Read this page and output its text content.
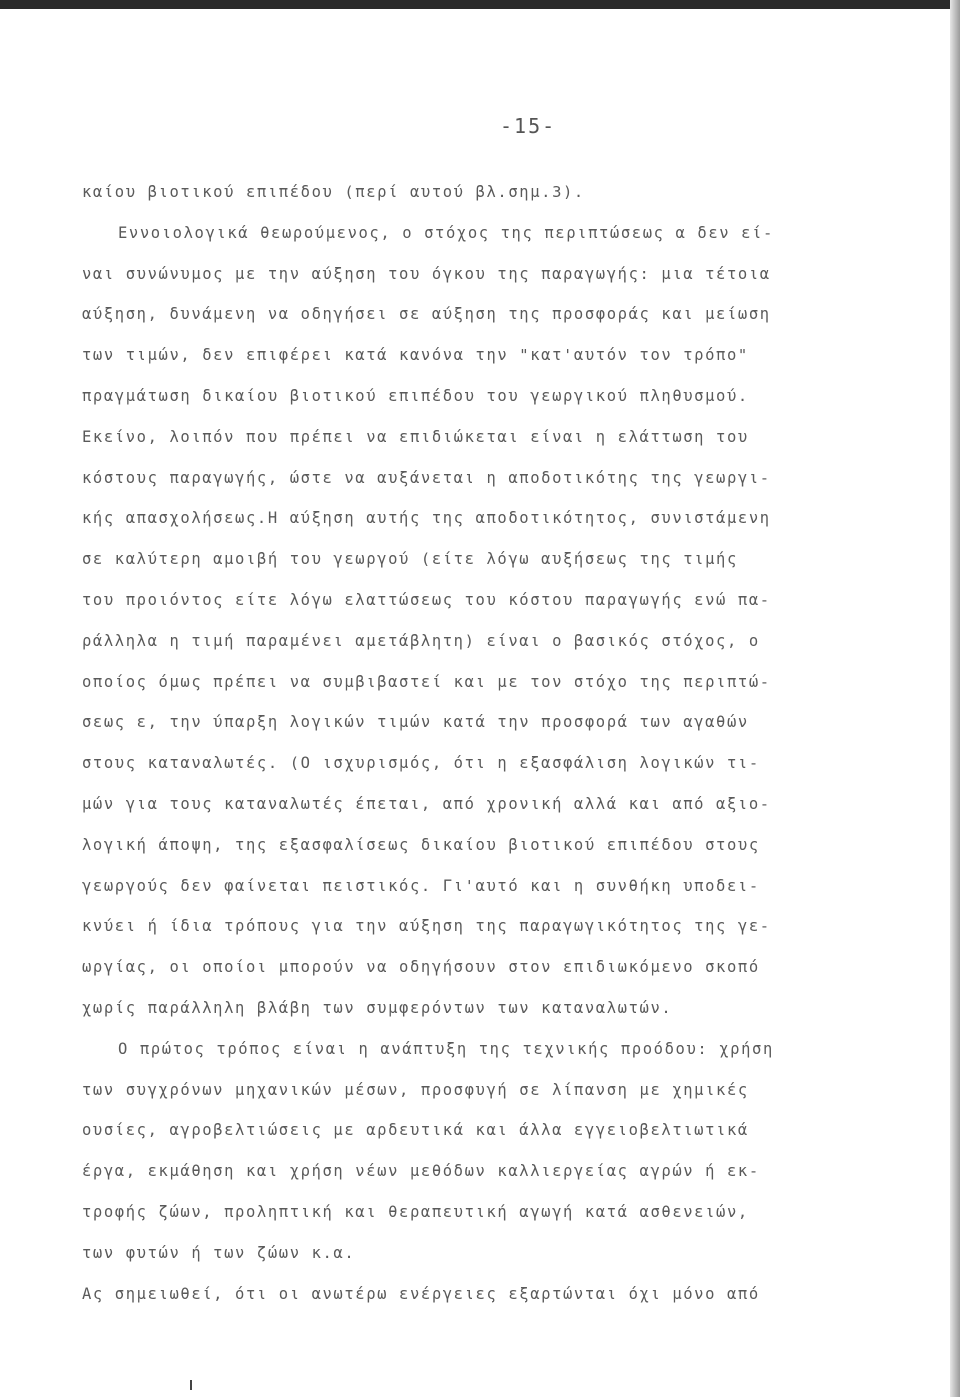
-15-
καίου βιοτικού επιπέδου (περί αυτού βλ.σημ.3).
Εννοιολογικά θεωρούμενος, ο στόχος της περιπτώσεως α δεν εί-
ναι συνώνυμος με την αύξηση του όγκου της παραγωγής: μια τέτοια
αύξηση, δυνάμενη να οδηγήσει σε αύξηση της προσφοράς και μείωση
των τιμών, δεν επιφέρει κατά κανόνα την "κατ'αυτόν τον τρόπο"
πραγμάτωση δικαίου βιοτικού επιπέδου του γεωργικού πληθυσμού.
Εκείνο, λοιπόν που πρέπει να επιδιώκεται είναι η ελάττωση του
κόστους παραγωγής, ώστε να αυξάνεται η αποδοτικότης της γεωργι-
κής απασχολήσεως.Η αύξηση αυτής της αποδοτικότητος, συνιστάμενη
σε καλύτερη αμοιβή του γεωργού (είτε λόγω αυξήσεως της τιμής
του προιόντος είτε λόγω ελαττώσεως του κόστου παραγωγής ενώ πα-
ράλληλα η τιμή παραμένει αμετάβλητη) είναι ο βασικός στόχος, ο
οποίος όμως πρέπει να συμβιβαστεί και με τον στόχο της περιπτώ-
σεως ε, την ύπαρξη λογικών τιμών κατά την προσφορά των αγαθών
στους καταναλωτές. (Ο ισχυρισμός, ότι η εξασφάλιση λογικών τι-
μών για τους καταναλωτές έπεται, από χρονική αλλά και από αξιο-
λογική άποψη, της εξασφαλίσεως δικαίου βιοτικού επιπέδου στους
γεωργούς δεν φαίνεται πειστικός. Γι'αυτό και η συνθήκη υποδει-
κνύει ή ίδια τρόπους για την αύξηση της παραγωγικότητος της γε-
ωργίας, οι οποίοι μπορούν να οδηγήσουν στον επιδιωκόμενο σκοπό
χωρίς παράλληλη βλάβη των συμφερόντων των καταναλωτών.
Ο πρώτος τρόπος είναι η ανάπτυξη της τεχνικής προόδου: χρήση
των συγχρόνων μηχανικών μέσων, προσφυγή σε λίπανση με χημικές
ουσίες, αγροβελτιώσεις με αρδευτικά και άλλα εγγειοβελτιωτικά
έργα, εκμάθηση και χρήση νέων μεθόδων καλλιεργείας αγρών ή εκ-
τροφής ζώων, προληπτική και θεραπευτική αγωγή κατά ασθενειών,
των φυτών ή των ζώων κ.α.
Ας σημειωθεί, ότι οι ανωτέρω ενέργειες εξαρτώνται όχι μόνο από
